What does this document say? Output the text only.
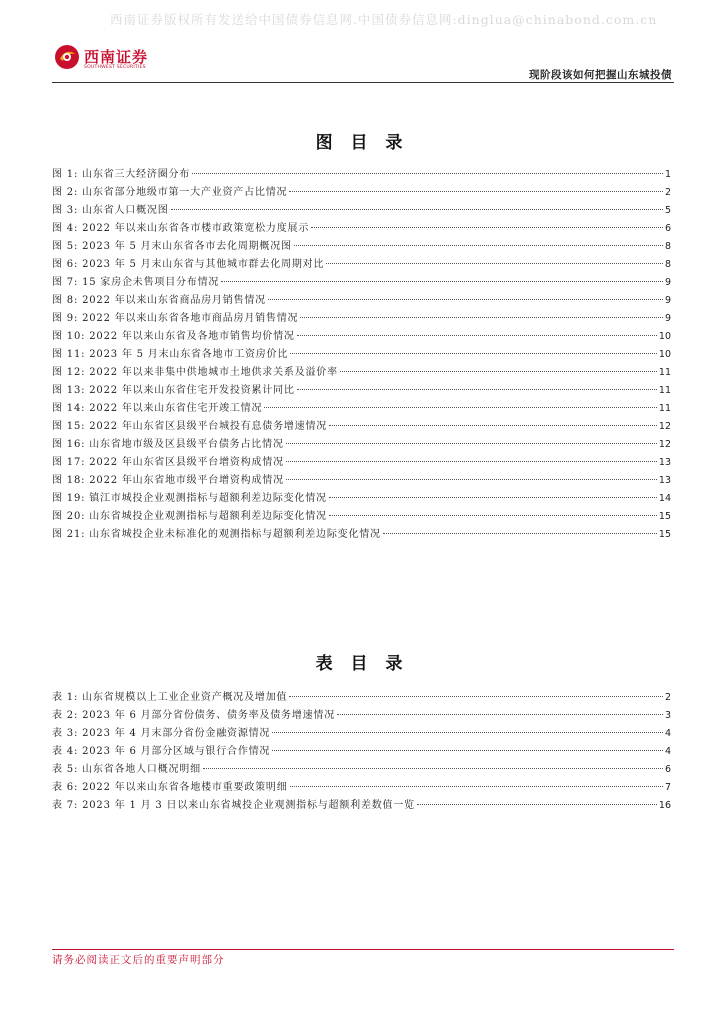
西南证券版权所有发送给中国债券信息网.中国债券信息网:dinglua@chinabond.com.cn
西南证券
SOUTHWEST SECURITIES
现阶段该如何把握山东城投债
图 目 录
图 1: 山东省三大经济圈分布	1
图 2: 山东省部分地级市第一大产业资产占比情况	2
图 3: 山东省人口概况图	5
图 4: 2022 年以来山东省各市楼市政策宽松力度展示	6
图 5: 2023 年 5 月末山东省各市去化周期概况图	8
图 6: 2023 年 5 月末山东省与其他城市群去化周期对比	8
图 7: 15 家房企未售项目分布情况	9
图 8: 2022 年以来山东省商品房月销售情况	9
图 9: 2022 年以来山东省各地市商品房月销售情况	9
图 10: 2022 年以来山东省及各地市销售均价情况	10
图 11: 2023 年 5 月末山东省各地市工资房价比	10
图 12: 2022 年以来非集中供地城市土地供求关系及溢价率	11
图 13: 2022 年以来山东省住宅开发投资累计同比	11
图 14: 2022 年以来山东省住宅开竣工情况	11
图 15: 2022 年山东省区县级平台城投有息债务增速情况	12
图 16: 山东省地市级及区县级平台债务占比情况	12
图 17: 2022 年山东省区县级平台增资构成情况	13
图 18: 2022 年山东省地市级平台增资构成情况	13
图 19: 镇江市城投企业观测指标与超额利差边际变化情况	14
图 20: 山东省城投企业观测指标与超额利差边际变化情况	15
图 21: 山东省城投企业未标准化的观测指标与超额利差边际变化情况	15
表 目 录
表 1: 山东省规模以上工业企业资产概况及增加值	2
表 2: 2023 年 6 月部分省份债务、债务率及债务增速情况	3
表 3: 2023 年 4 月末部分省份金融资源情况	4
表 4: 2023 年 6 月部分区域与银行合作情况	4
表 5: 山东省各地人口概况明细	6
表 6: 2022 年以来山东省各地楼市重要政策明细	7
表 7: 2023 年 1 月 3 日以来山东省城投企业观测指标与超额利差数值一览	16
请务必阅读正文后的重要声明部分
